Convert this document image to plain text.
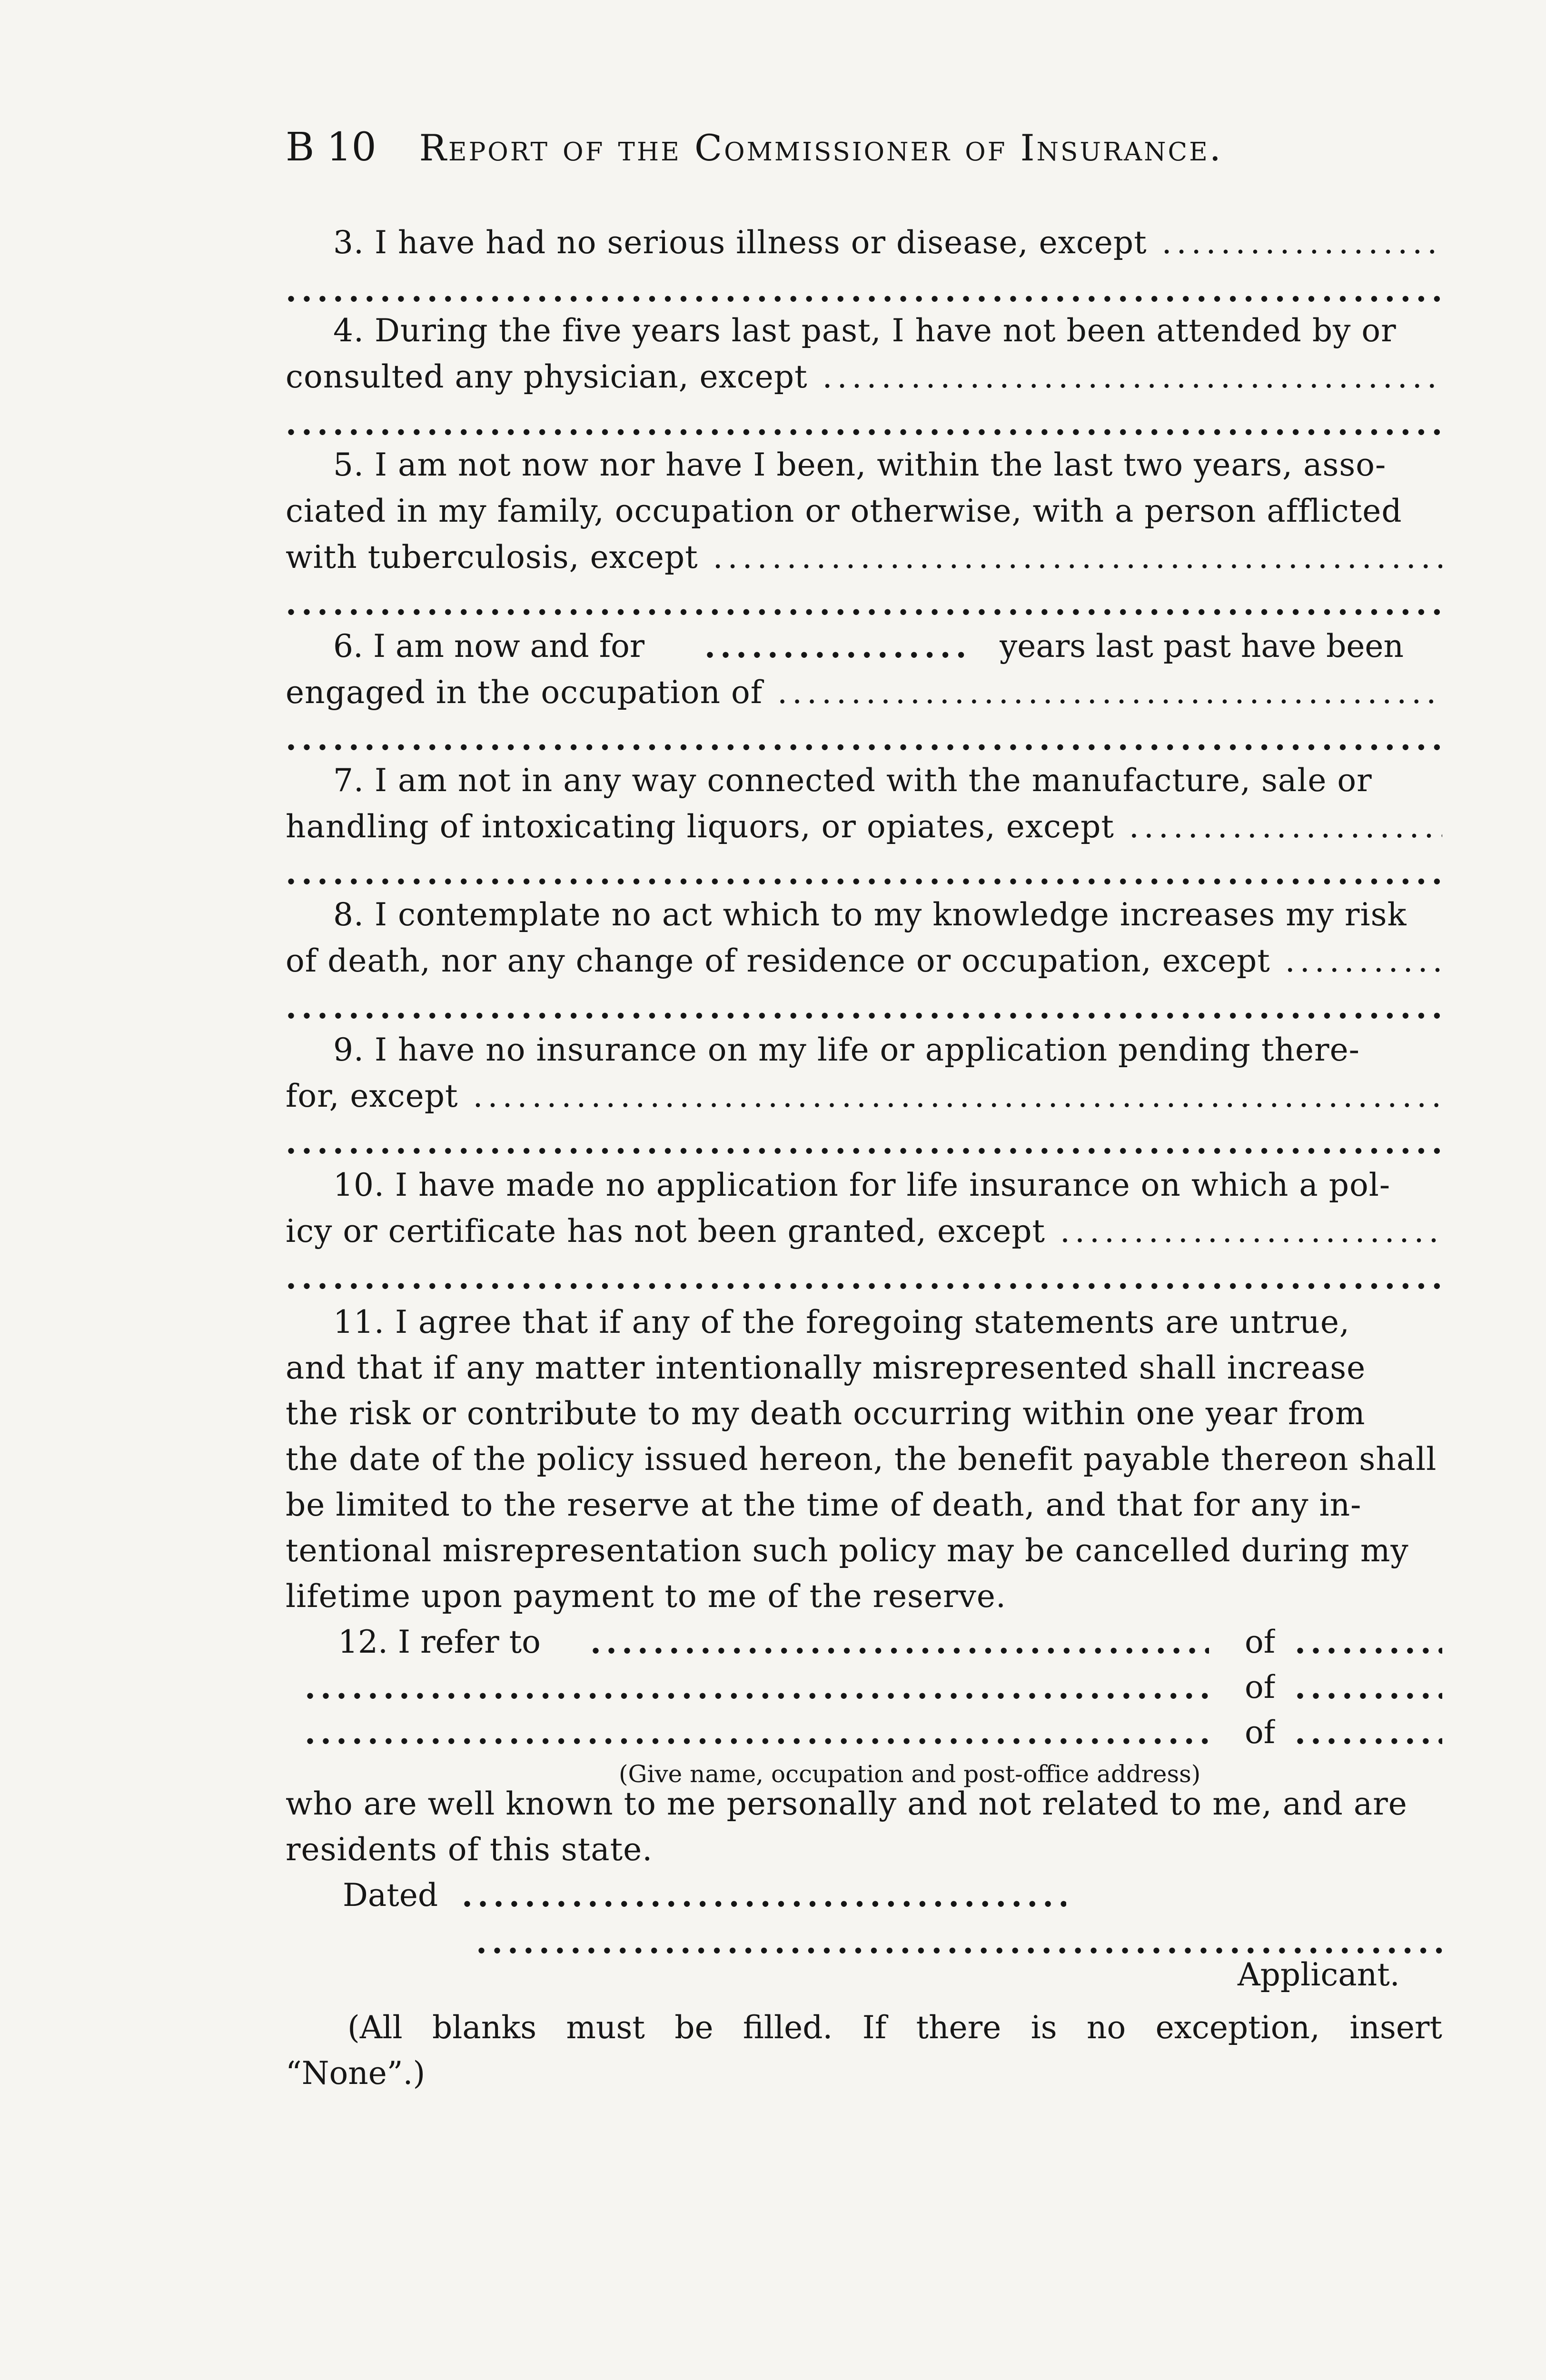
B 10 Report of the Commissioner of Insurance.
3. I have had no serious illness or disease, except .....
.....
4. During the five years last past, I have not been attended by or
consulted any physician, except .....
.....
5. I am not now nor have I been, within the last two years, asso-
ciated in my family, occupation or otherwise, with a person afflicted
with tuberculosis, except .....
.....
6. I am now and for .....	years last past have been
engaged in the occupation of .....
.....
7. I am not in any way connected with the manufacture, sale or
handling of intoxicating liquors, or opiates, except .....
.....
8. I contemplate no act which to my knowledge increases my risk
of death, nor any change of residence or occupation, except .....
.....
9. I have no insurance on my life or application pending there-
for, except .....
.....
10. I have made no application for life insurance on which a pol-
icy or certificate has not been granted, except .....
.....
11. I agree that if any of the foregoing statements are untrue,
and that if any matter intentionally misrepresented shall increase
the risk or contribute to my death occurring within one year from
the date of the policy issued hereon, the benefit payable thereon shall
be limited to the reserve at the time of death, and that for any in-
tentional misrepresentation such policy may be cancelled during my
lifetime upon payment to me of the reserve.
12. I refer to .....	of
.....
.....
of
.....
.....
of
.....
(Give name, occupation and post-office address)
who are well known to me personally and not related to me, and are
residents of this state.
Dated
.....
.....
Applicant.
(All blanks must be filled. If there is no exception, insert
“None”.)
